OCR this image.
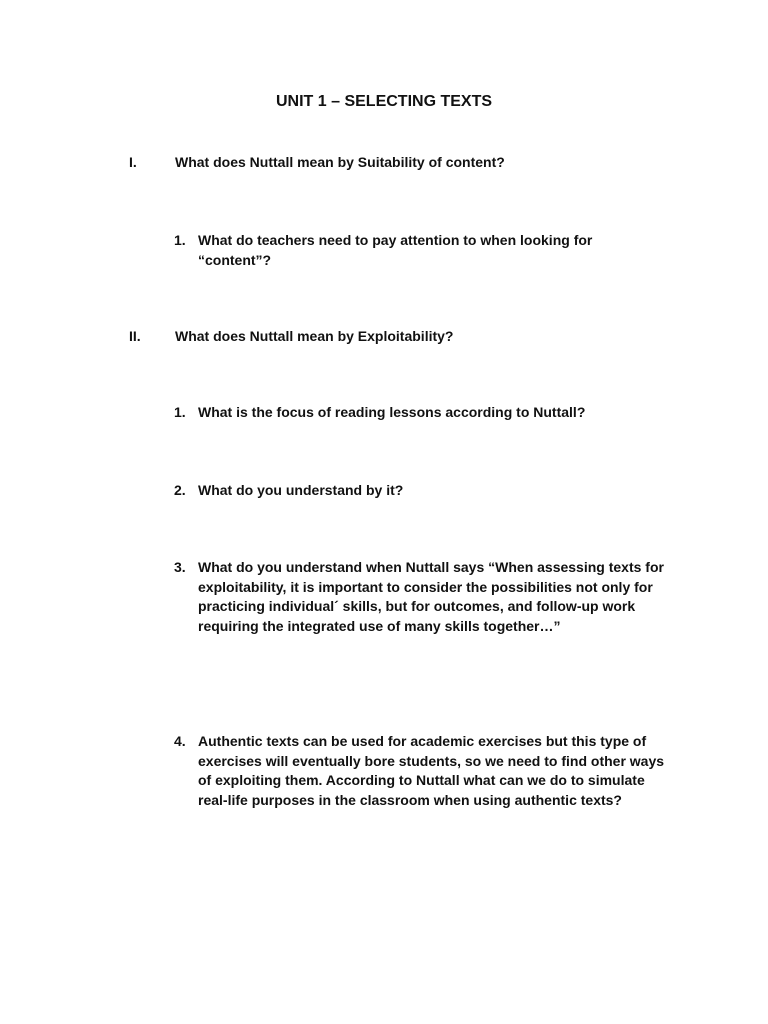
UNIT 1 – SELECTING TEXTS
I.	What does Nuttall mean by Suitability of content?
1. What do teachers need to pay attention to when looking for “content”?
II. What does Nuttall mean by Exploitability?
1. What is the focus of reading lessons according to Nuttall?
2. What do you understand by it?
3. What do you understand when Nuttall says “When assessing texts for exploitability, it is important to consider the possibilities not only for practicing individual´ skills, but for outcomes, and follow-up work requiring the integrated use of many skills together…”
4. Authentic texts can be used for academic exercises but this type of exercises will eventually bore students, so we need to find other ways of exploiting them. According to Nuttall what can we do to simulate real-life purposes in the classroom when using authentic texts?
